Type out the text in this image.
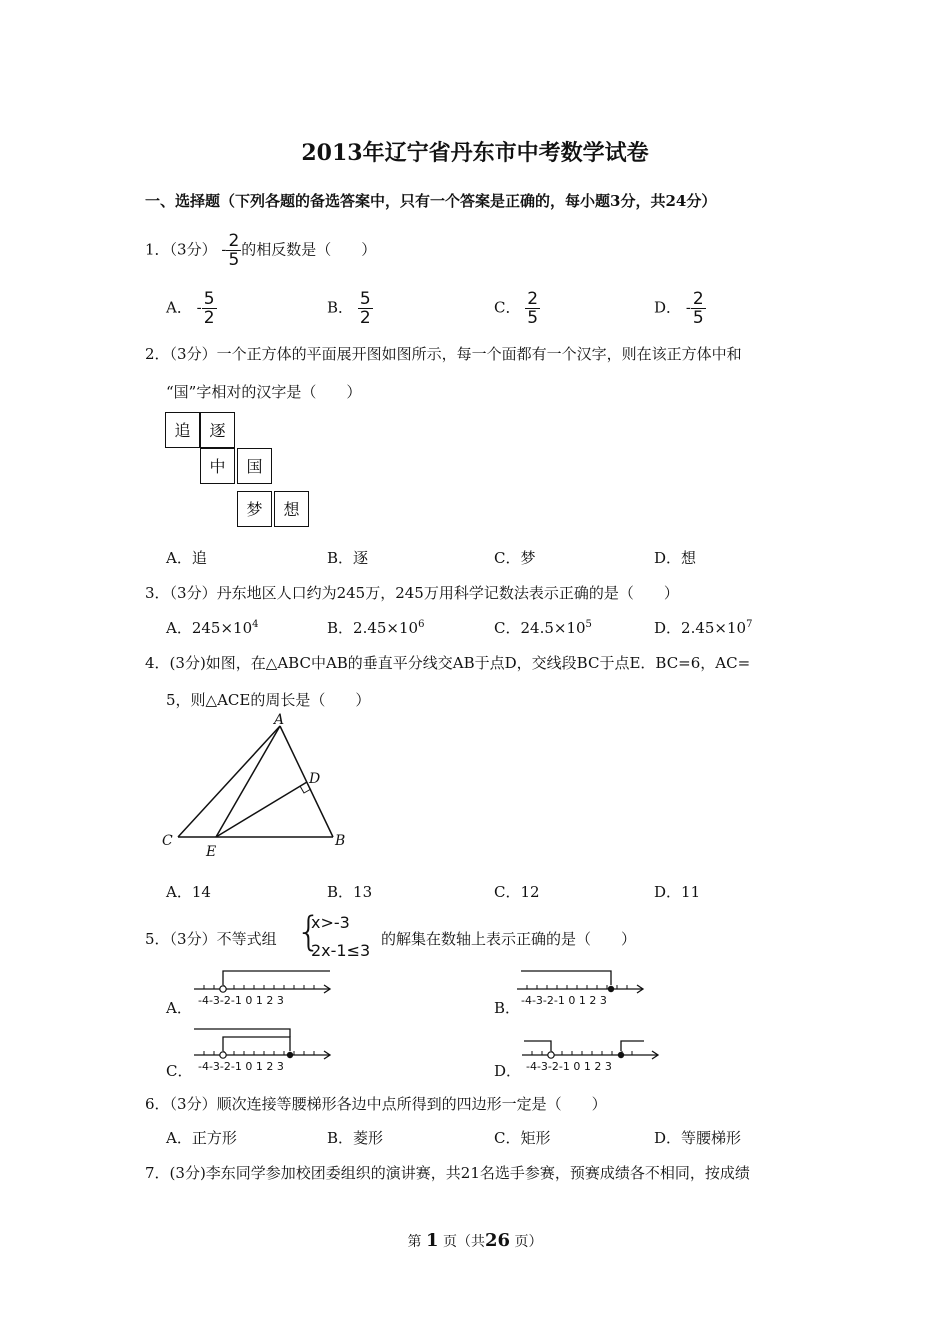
2013年辽宁省丹东市中考数学试卷
一、选择题（下列各题的备选答案中，只有一个答案是正确的，每小题3分，共24分）
1．（3分） - $\frac{2}{5}$ 的相反数是（　　）
A． - $\frac{5}{2}$	B． $\frac{5}{2}$	C． $\frac{2}{5}$	D． - $\frac{2}{5}$
2．（3分）一个正方体的平面展开图如图所示，每一个面都有一个汉字，则在该正方体中和
“国”字相对的汉字是（　　）
追	逐
中	国
梦	想
A．追	B．逐	C．梦	D．想
3．（3分）丹东地区人口约为245万，245万用科学记数法表示正确的是（　　）
A．$245\times 10^4$	B．$2.45\times 10^6$	C．$24.5\times 10^5$	D．$2.45\times 10^7$
4．(3分)如图，在△ABC中AB的垂直平分线交AB于点D，交线段BC于点E．BC=6，AC=
5，则△ACE的周长是（　　）
A
D
C	B
E
A．14	B．13	C．12	D．11
5．（3分）不等式组 {
x>-3
2x-1≤3
的解集在数轴上表示正确的是（　　）
A． -4-3-2-1 0 1 2 3	B． -4-3-2-1 0 1 2 3
C． -4-3-2-1 0 1 2 3	D． -4-3-2-1 0 1 2 3
6．（3分）顺次连接等腰梯形各边中点所得到的四边形一定是（　　）
A．正方形	B．菱形	C．矩形	D．等腰梯形
7．(3分)李东同学参加校团委组织的演讲赛，共21名选手参赛，预赛成绩各不相同，按成绩
第 1 页（共26 页）
